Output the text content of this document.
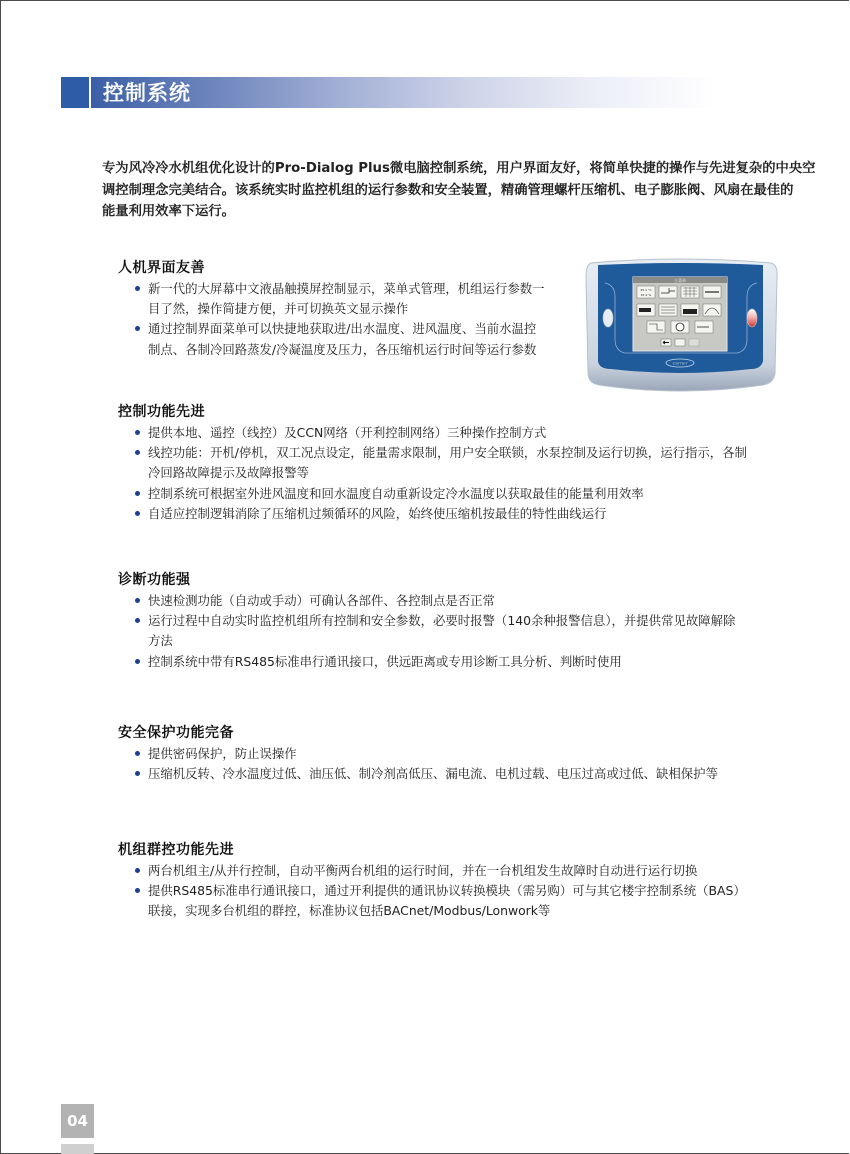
控制系统
专为风冷冷水机组优化设计的Pro-Dialog Plus微电脑控制系统，用户界面友好，将简单快捷的操作与先进复杂的中央空
调控制理念完美结合。该系统实时监控机组的运行参数和安全装置，精确管理螺杆压缩机、电子膨胀阀、风扇在最佳的
能量利用效率下运行。
人机界面友善
新一代的大屏幕中文液晶触摸屏控制显示，菜单式管理，机组运行参数一
目了然，操作简捷方便，并可切换英文显示操作
通过控制界面菜单可以快捷地获取进/出水温度、进风温度、当前水温控
制点、各制冷回路蒸发/冷凝温度及压力，各压缩机运行时间等运行参数
主菜单
25.1 °C
67.2 %
Carrier
控制功能先进
提供本地、遥控（线控）及CCN网络（开利控制网络）三种操作控制方式
线控功能：开机/停机，双工况点设定，能量需求限制，用户安全联锁，水泵控制及运行切换，运行指示，各制
冷回路故障提示及故障报警等
控制系统可根据室外进风温度和回水温度自动重新设定冷水温度以获取最佳的能量利用效率
自适应控制逻辑消除了压缩机过频循环的风险，始终使压缩机按最佳的特性曲线运行
诊断功能强
快速检测功能（自动或手动）可确认各部件、各控制点是否正常
运行过程中自动实时监控机组所有控制和安全参数，必要时报警（140余种报警信息），并提供常见故障解除
方法
控制系统中带有RS485标准串行通讯接口，供远距离或专用诊断工具分析、判断时使用
安全保护功能完备
提供密码保护，防止误操作
压缩机反转、冷水温度过低、油压低、制冷剂高低压、漏电流、电机过载、电压过高或过低、缺相保护等
机组群控功能先进
两台机组主/从并行控制，自动平衡两台机组的运行时间，并在一台机组发生故障时自动进行运行切换
提供RS485标准串行通讯接口，通过开利提供的通讯协议转换模块（需另购）可与其它楼宇控制系统（BAS）
联接，实现多台机组的群控，标准协议包括BACnet/Modbus/Lonwork等
04
